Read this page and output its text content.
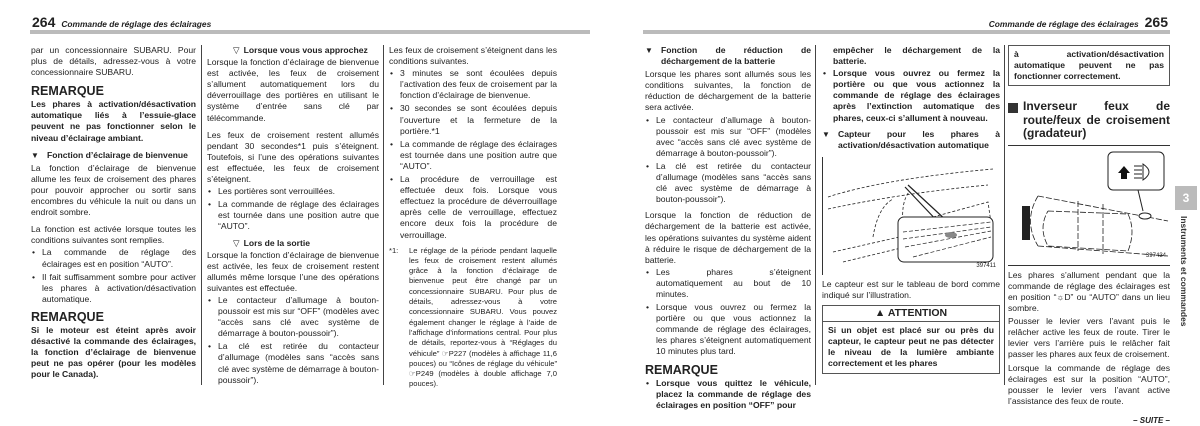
264 Commande de réglage des éclairages	Commande de réglage des éclairages 265

par un concessionnaire SUBARU. Pour plus de détails, adressez-vous à votre concessionnaire SUBARU.

REMARQUE

Les phares à activation/désactivation automatique liés à l’essuie-glace peuvent ne pas fonctionner selon le niveau d’éclairage ambiant.

▼ Fonction d’éclairage de bienvenue

La fonction d’éclairage de bienvenue allume les feux de croisement des phares pour pouvoir approcher ou sortir sans encombres du véhicule la nuit ou dans un endroit sombre.

La fonction est activée lorsque toutes les conditions suivantes sont remplies.

• La commande de réglage des éclairages est en position “AUTO”.
• Il fait suffisamment sombre pour activer les phares à activation/désactivation automatique.
REMARQUE

Si le moteur est éteint après avoir désactivé la commande des éclairages, la fonction d’éclairage de bienvenue peut ne pas opérer (pour les modèles pour le Canada).

▽ Lorsque vous vous approchez

Lorsque la fonction d’éclairage de bienvenue est activée, les feux de croisement s’allument automatiquement lors du déverrouillage des portières en utilisant le système d’entrée sans clé par télécommande.

Les feux de croisement restent allumés pendant 30 secondes*1 puis s’éteignent. Toutefois, si l’une des opérations suivantes est effectuée, les feux de croisement s’éteignent.

• Les portières sont verrouillées.
• La commande de réglage des éclairages est tournée dans une position autre que “AUTO”.
▽ Lors de la sortie

Lorsque la fonction d’éclairage de bienvenue est activée, les feux de croisement restent allumés même lorsque l’une des opérations suivantes est effectuée.

• Le contacteur d’allumage à bouton-poussoir est mis sur “OFF” (modèles avec “accès sans clé avec système de démarrage à bouton-poussoir”).
• La clé est retirée du contacteur d’allumage (modèles sans “accès sans clé avec système de démarrage à bouton-poussoir”).

Les feux de croisement s’éteignent dans les conditions suivantes.

• 3 minutes se sont écoulées depuis l’activation des feux de croisement par la fonction d’éclairage de bienvenue.
• 30 secondes se sont écoulées depuis l’ouverture et la fermeture de la portière.*1
• La commande de réglage des éclairages est tournée dans une position autre que “AUTO”.
• La procédure de verrouillage est effectuée deux fois. Lorsque vous effectuez la procédure de déverrouillage après celle de verrouillage, effectuez encore deux fois la procédure de verrouillage.
*1: Le réglage de la période pendant laquelle les feux de croisement restent allumés grâce à la fonction d’éclairage de bienvenue peut être changé par un concessionnaire SUBARU. Pour plus de détails, adressez-vous à votre concessionnaire SUBARU. Vous pouvez également changer le réglage à l’aide de l’affichage d’informations central. Pour plus de détails, reportez-vous à “Réglages du véhicule” ☞P227 (modèles à affichage 11,6 pouces) ou “Icônes de réglage du véhicule” ☞P249 (modèles à double affichage 7,0 pouces).
▼ Fonction de réduction de déchargement de la batterie

Lorsque les phares sont allumés sous les conditions suivantes, la fonction de réduction de déchargement de la batterie sera activée.

• Le contacteur d’allumage à bouton-poussoir est mis sur “OFF” (modèles avec “accès sans clé avec système de démarrage à bouton-poussoir”).
• La clé est retirée du contacteur d’allumage (modèles sans “accès sans clé avec système de démarrage à bouton-poussoir”).

Lorsque la fonction de réduction de déchargement de la batterie est activée, les opérations suivantes du système aident à réduire le risque de déchargement de la batterie.

• Les phares s’éteignent automatiquement au bout de 10 minutes.
• Lorsque vous ouvrez ou fermez la portière ou que vous actionnez la commande de réglage des éclairages, les phares s’éteignent automatiquement 10 minutes plus tard.
REMARQUE
• Lorsque vous quittez le véhicule, placez la commande de réglage des éclairages en position “OFF” pour

empêcher le déchargement de la batterie.

• Lorsque vous ouvrez ou fermez la portière ou que vous actionnez la commande de réglage des éclairages après l’extinction automatique des phares, ceux-ci s’allument à nouveau.
▼ Capteur pour les phares à activation/désactivation automatique
397411

Le capteur est sur le tableau de bord comme indiqué sur l’illustration.

▲ ATTENTION
Si un objet est placé sur ou près du capteur, le capteur peut ne pas détecter le niveau de la lumière ambiante correctement et les phares
à activation/désactivation automatique peuvent ne pas fonctionner correctement.
Inverseur feux de route/feux de croisement (gradateur)
397434

Les phares s’allument pendant que la commande de réglage des éclairages est en position “☼D” ou “AUTO” dans un lieu sombre.

Pousser le levier vers l’avant puis le relâcher active les feux de route. Tirer le levier vers l’arrière puis le relâcher fait passer les phares aux feux de croisement.

Lorsque la commande de réglage des éclairages est sur la position “AUTO”, pousser le levier vers l’avant active l’assistance des feux de route.

– SUITE –
3
Instruments et commandes
